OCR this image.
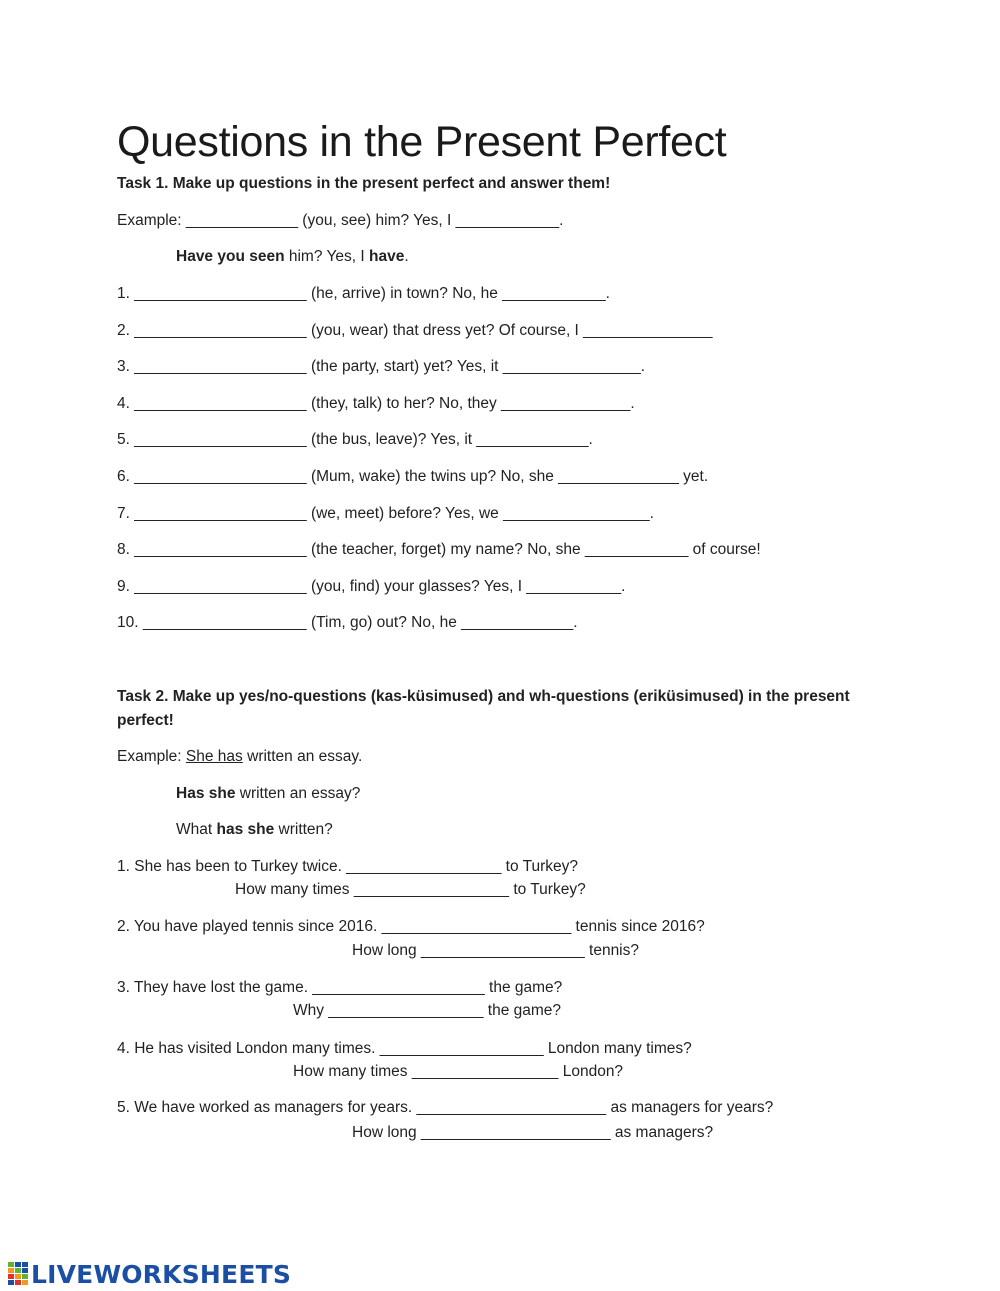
Questions in the Present Perfect
Task 1. Make up questions in the present perfect and answer them!
Example: _____________ (you, see) him? Yes, I ____________.
Have you seen him? Yes, I have.
1. ____________________ (he, arrive) in town? No, he ____________.
2. ____________________ (you, wear) that dress yet? Of course, I _______________
3. ____________________ (the party, start) yet? Yes, it ________________.
4. ____________________ (they, talk) to her? No, they _______________.
5. ____________________ (the bus, leave)? Yes, it _____________.
6. ____________________ (Mum, wake) the twins up? No, she ______________ yet.
7. ____________________ (we, meet) before? Yes, we _________________.
8. ____________________ (the teacher, forget) my name? No, she ____________ of course!
9. ____________________ (you, find) your glasses? Yes, I ___________.
10. ___________________ (Tim, go) out? No, he _____________.
Task 2. Make up yes/no-questions (kas-küsimused) and wh-questions (eriküsimused) in the present
perfect!
Example: She has written an essay.
Has she written an essay?
What has she written?
1. She has been to Turkey twice. __________________ to Turkey?
How many times __________________ to Turkey?
2. You have played tennis since 2016. ______________________ tennis since 2016?
How long ___________________ tennis?
3. They have lost the game. ____________________ the game?
Why __________________ the game?
4. He has visited London many times. ___________________ London many times?
How many times _________________ London?
5. We have worked as managers for years. ______________________ as managers for years?
How long ______________________ as managers?
LIVEWORKSHEETS
